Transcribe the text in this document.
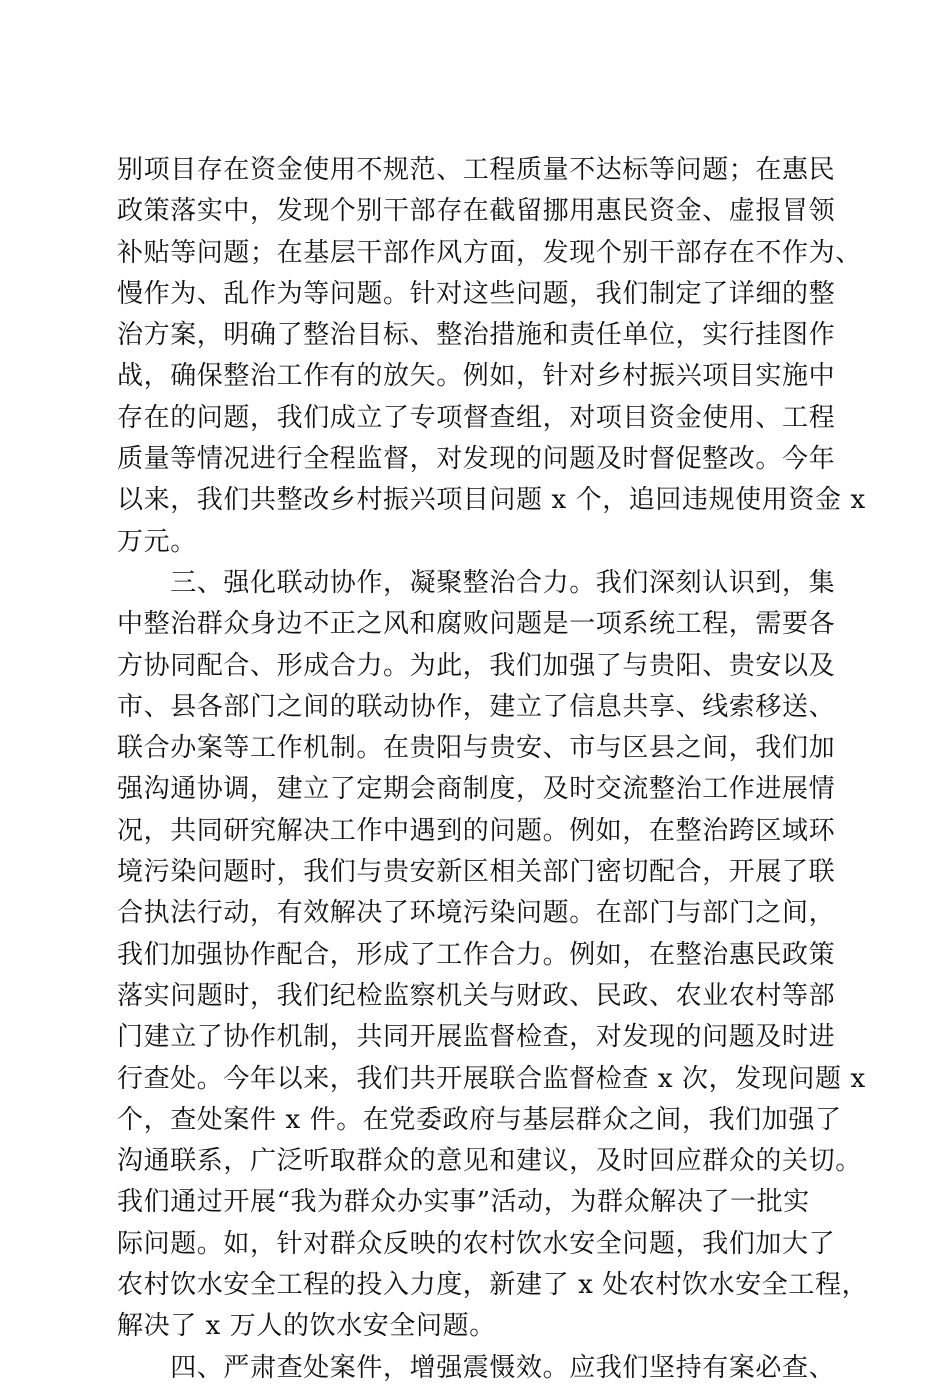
别项目存在资金使用不规范、工程质量不达标等问题；在惠民
政策落实中，发现个别干部存在截留挪用惠民资金、虚报冒领
补贴等问题；在基层干部作风方面，发现个别干部存在不作为、
慢作为、乱作为等问题。针对这些问题，我们制定了详细的整
治方案，明确了整治目标、整治措施和责任单位，实行挂图作
战，确保整治工作有的放矢。例如，针对乡村振兴项目实施中
存在的问题，我们成立了专项督查组，对项目资金使用、工程
质量等情况进行全程监督，对发现的问题及时督促整改。今年
以来，我们共整改乡村振兴项目问题 x 个，追回违规使用资金 x
万元。
　　三、强化联动协作，凝聚整治合力。我们深刻认识到，集
中整治群众身边不正之风和腐败问题是一项系统工程，需要各
方协同配合、形成合力。为此，我们加强了与贵阳、贵安以及
市、县各部门之间的联动协作，建立了信息共享、线索移送、
联合办案等工作机制。在贵阳与贵安、市与区县之间，我们加
强沟通协调，建立了定期会商制度，及时交流整治工作进展情
况，共同研究解决工作中遇到的问题。例如，在整治跨区域环
境污染问题时，我们与贵安新区相关部门密切配合，开展了联
合执法行动，有效解决了环境污染问题。在部门与部门之间，
我们加强协作配合，形成了工作合力。例如，在整治惠民政策
落实问题时，我们纪检监察机关与财政、民政、农业农村等部
门建立了协作机制，共同开展监督检查，对发现的问题及时进
行查处。今年以来，我们共开展联合监督检查 x 次，发现问题 x
个，查处案件 x 件。在党委政府与基层群众之间，我们加强了
沟通联系，广泛听取群众的意见和建议，及时回应群众的关切。
我们通过开展“我为群众办实事”活动，为群众解决了一批实
际问题。如，针对群众反映的农村饮水安全问题，我们加大了
农村饮水安全工程的投入力度，新建了 x 处农村饮水安全工程，
解决了 x 万人的饮水安全问题。
　　四、严肃查处案件，增强震慑效。应我们坚持有案必查、
